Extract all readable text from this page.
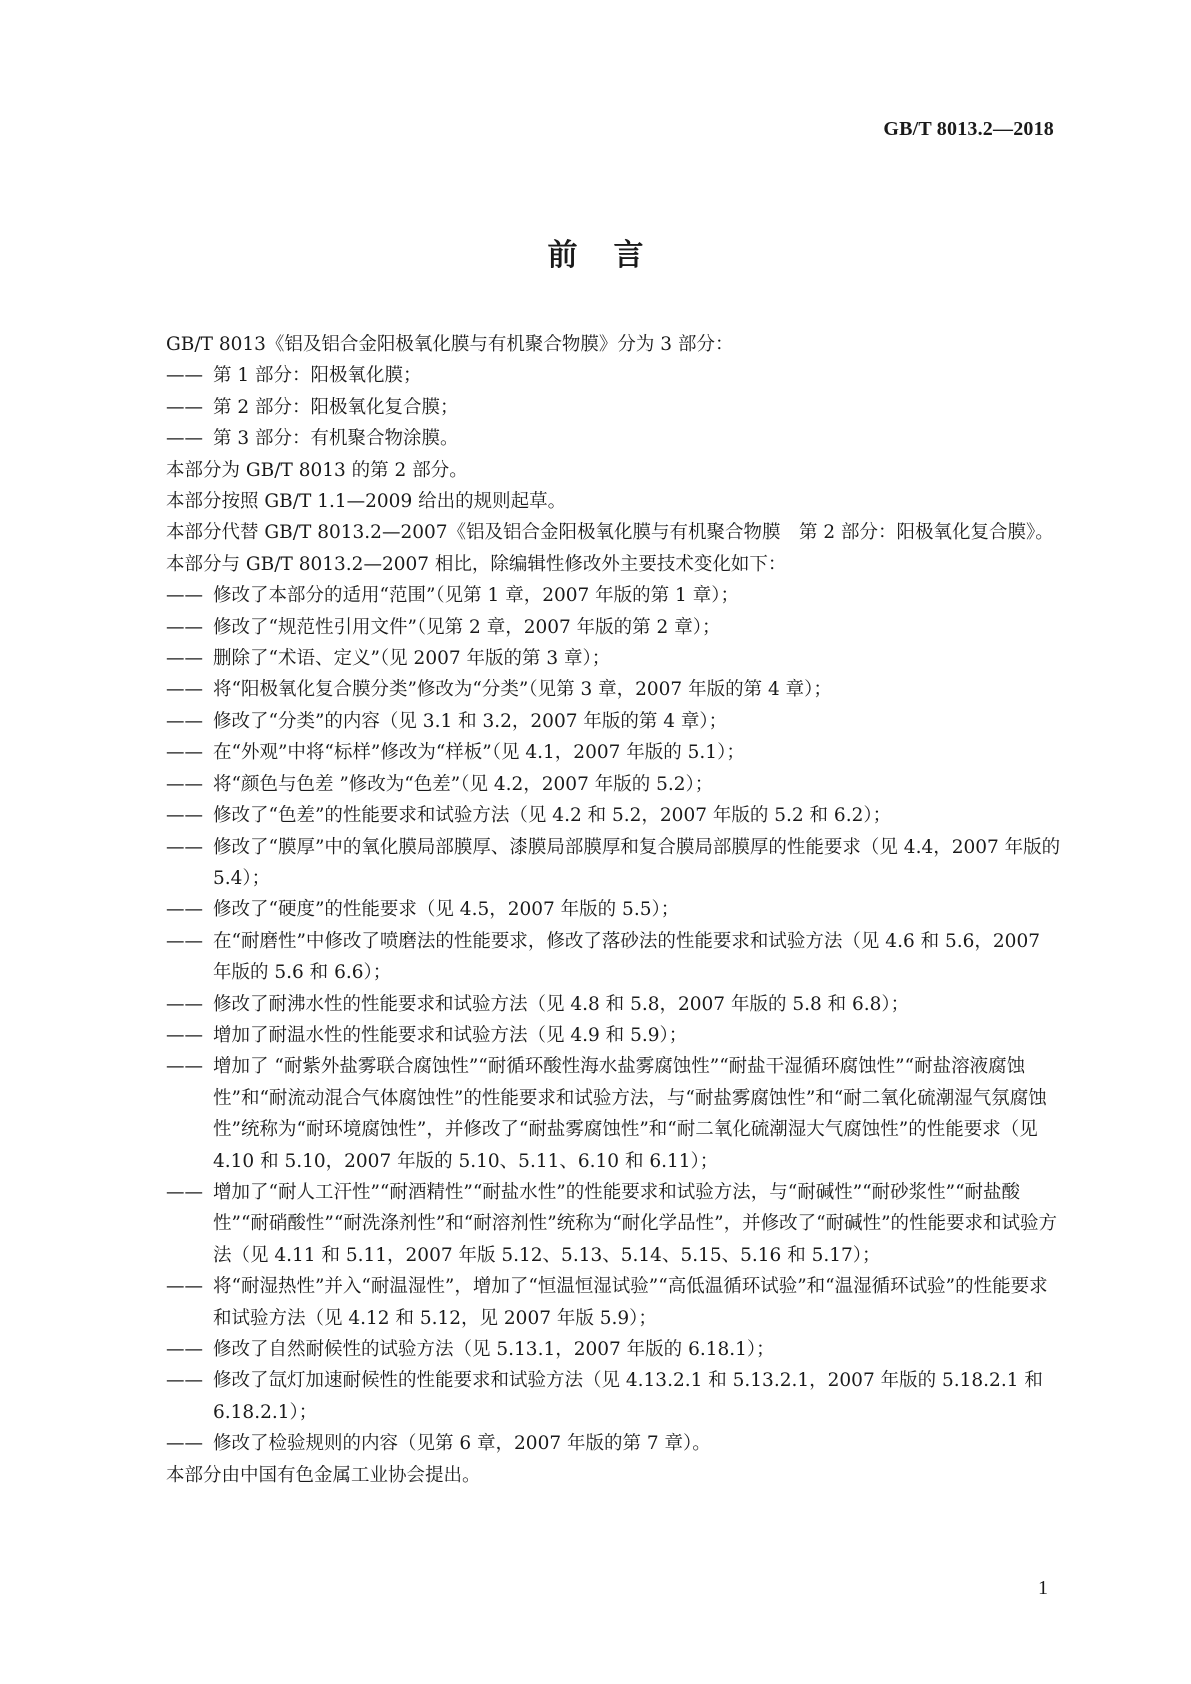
GB/T 8013.2—2018
前言

GB/T 8013《铝及铝合金阳极氧化膜与有机聚合物膜》分为 3 部分：

—— 第 1 部分：阳极氧化膜；

—— 第 2 部分：阳极氧化复合膜；

—— 第 3 部分：有机聚合物涂膜。

本部分为 GB/T 8013 的第 2 部分。

本部分按照 GB/T 1.1—2009 给出的规则起草。

本部分代替 GB/T 8013.2—2007《铝及铝合金阳极氧化膜与有机聚合物膜　第 2 部分：阳极氧化复合膜》。

本部分与 GB/T 8013.2—2007 相比，除编辑性修改外主要技术变化如下：

—— 修改了本部分的适用“范围”（见第 1 章，2007 年版的第 1 章）；

—— 修改了“规范性引用文件”（见第 2 章，2007 年版的第 2 章）；

—— 删除了“术语、定义”（见 2007 年版的第 3 章）；

—— 将“阳极氧化复合膜分类”修改为“分类”（见第 3 章，2007 年版的第 4 章）；

—— 修改了“分类”的内容（见 3.1 和 3.2，2007 年版的第 4 章）；

—— 在“外观”中将“标样”修改为“样板”（见 4.1，2007 年版的 5.1）；

—— 将“颜色与色差 ”修改为“色差”（见 4.2，2007 年版的 5.2）；

—— 修改了“色差”的性能要求和试验方法（见 4.2 和 5.2，2007 年版的 5.2 和 6.2）；

—— 修改了“膜厚”中的氧化膜局部膜厚、漆膜局部膜厚和复合膜局部膜厚的性能要求（见 4.4，2007 年版的 5.4）；

—— 修改了“硬度”的性能要求（见 4.5，2007 年版的 5.5）；

—— 在“耐磨性”中修改了喷磨法的性能要求，修改了落砂法的性能要求和试验方法（见 4.6 和 5.6，2007 年版的 5.6 和 6.6）；

—— 修改了耐沸水性的性能要求和试验方法（见 4.8 和 5.8，2007 年版的 5.8 和 6.8）；

—— 增加了耐温水性的性能要求和试验方法（见 4.9 和 5.9）；

—— 增加了 “耐紫外盐雾联合腐蚀性”“耐循环酸性海水盐雾腐蚀性”“耐盐干湿循环腐蚀性”“耐盐溶液腐蚀性”和“耐流动混合气体腐蚀性”的性能要求和试验方法，与“耐盐雾腐蚀性”和“耐二氧化硫潮湿气氛腐蚀性”统称为“耐环境腐蚀性”，并修改了“耐盐雾腐蚀性”和“耐二氧化硫潮湿大气腐蚀性”的性能要求（见 4.10 和 5.10，2007 年版的 5.10、5.11、6.10 和 6.11）；

—— 增加了“耐人工汗性”“耐酒精性”“耐盐水性”的性能要求和试验方法，与“耐碱性”“耐砂浆性”“耐盐酸性”“耐硝酸性”“耐洗涤剂性”和“耐溶剂性”统称为“耐化学品性”，并修改了“耐碱性”的性能要求和试验方法（见 4.11 和 5.11，2007 年版 5.12、5.13、5.14、5.15、5.16 和 5.17）；

—— 将“耐湿热性”并入“耐温湿性”，增加了“恒温恒湿试验”“高低温循环试验”和“温湿循环试验”的性能要求和试验方法（见 4.12 和 5.12，见 2007 年版 5.9）；

—— 修改了自然耐候性的试验方法（见 5.13.1，2007 年版的 6.18.1）；

—— 修改了氙灯加速耐候性的性能要求和试验方法（见 4.13.2.1 和 5.13.2.1，2007 年版的 5.18.2.1 和 6.18.2.1）；

—— 修改了检验规则的内容（见第 6 章，2007 年版的第 7 章）。

本部分由中国有色金属工业协会提出。

1
